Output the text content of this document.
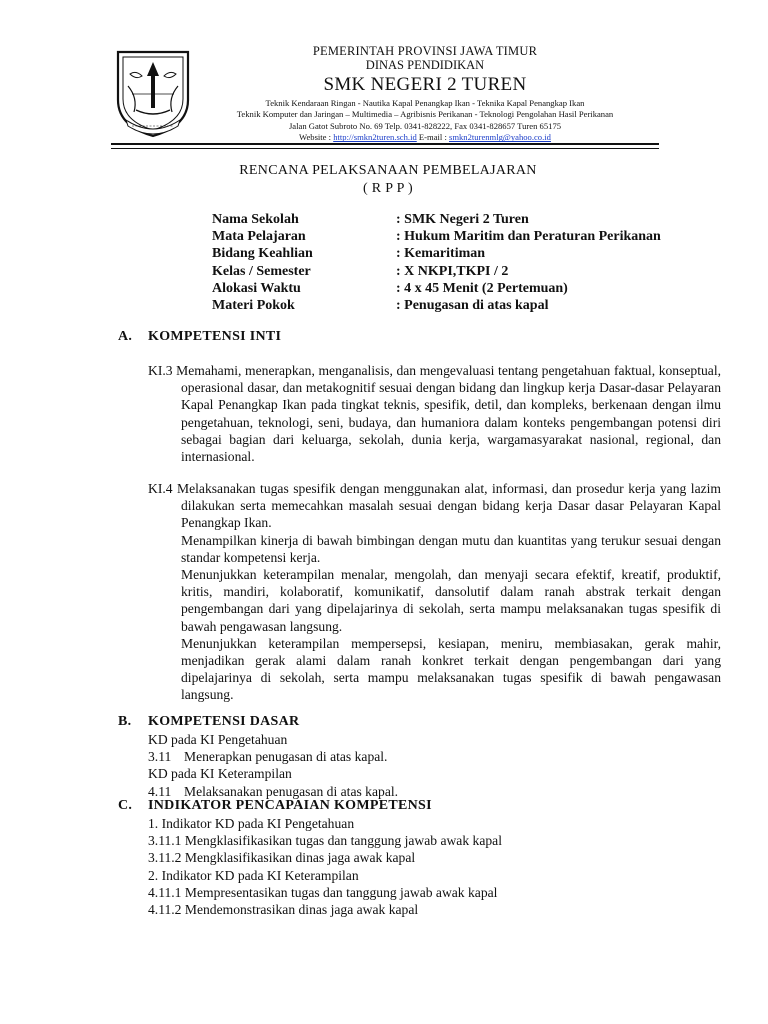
PEMERINTAH PROVINSI JAWA TIMUR
DINAS PENDIDIKAN
SMK NEGERI 2 TUREN
Teknik Kendaraan Ringan - Nautika Kapal Penangkap Ikan - Teknika Kapal Penangkap Ikan
Teknik Komputer dan Jaringan – Multimedia – Agribisnis Perikanan - Teknologi Pengolahan Hasil Perikanan
Jalan Gatot Subroto No. 69 Telp. 0341-828222, Fax 0341-828657 Turen 65175
Website : http://smkn2turen.sch.id E-mail : smkn2turenmlg@yahoo.co.id
RENCANA PELAKSANAAN PEMBELAJARAN
( R P P )
Nama Sekolah	: SMK Negeri 2 Turen
Mata Pelajaran	: Hukum Maritim dan Peraturan Perikanan
Bidang Keahlian	: Kemaritiman
Kelas / Semester	: X NKPI,TKPI / 2
Alokasi Waktu	: 4 x 45 Menit (2 Pertemuan)
Materi Pokok	: Penugasan di atas kapal
A. KOMPETENSI INTI

KI.3 Memahami, menerapkan, menganalisis, dan mengevaluasi tentang pengetahuan faktual, konseptual, operasional dasar, dan metakognitif sesuai dengan bidang dan lingkup kerja Dasar-dasar Pelayaran Kapal Penangkap Ikan pada tingkat teknis, spesifik, detil, dan kompleks, berkenaan dengan ilmu pengetahuan, teknologi, seni, budaya, dan humaniora dalam konteks pengembangan potensi diri sebagai bagian dari keluarga, sekolah, dunia kerja, wargamasyarakat nasional, regional, dan internasional.

KI.4 Melaksanakan tugas spesifik dengan menggunakan alat, informasi, dan prosedur kerja yang lazim dilakukan serta memecahkan masalah sesuai dengan bidang kerja Dasar dasar Pelayaran Kapal Penangkap Ikan.

Menampilkan kinerja di bawah bimbingan dengan mutu dan kuantitas yang terukur sesuai dengan standar kompetensi kerja.

Menunjukkan keterampilan menalar, mengolah, dan menyaji secara efektif, kreatif, produktif, kritis, mandiri, kolaboratif, komunikatif, dansolutif dalam ranah abstrak terkait dengan pengembangan dari yang dipelajarinya di sekolah, serta mampu melaksanakan tugas spesifik di bawah pengawasan langsung.

Menunjukkan keterampilan mempersepsi, kesiapan, meniru, membiasakan, gerak mahir, menjadikan gerak alami dalam ranah konkret terkait dengan pengembangan dari yang dipelajarinya di sekolah, serta mampu melaksanakan tugas spesifik di bawah pengawasan langsung.

B. KOMPETENSI DASAR
KD pada KI Pengetahuan
3.11 Menerapkan penugasan di atas kapal.
KD pada KI Keterampilan
4.11 Melaksanakan penugasan di atas kapal.
C. INDIKATOR PENCAPAIAN KOMPETENSI
1. Indikator KD pada KI Pengetahuan
3.11.1 Mengklasifikasikan tugas dan tanggung jawab awak kapal
3.11.2 Mengklasifikasikan dinas jaga awak kapal
2. Indikator KD pada KI Keterampilan
4.11.1 Mempresentasikan tugas dan tanggung jawab awak kapal
4.11.2 Mendemonstrasikan dinas jaga awak kapal
